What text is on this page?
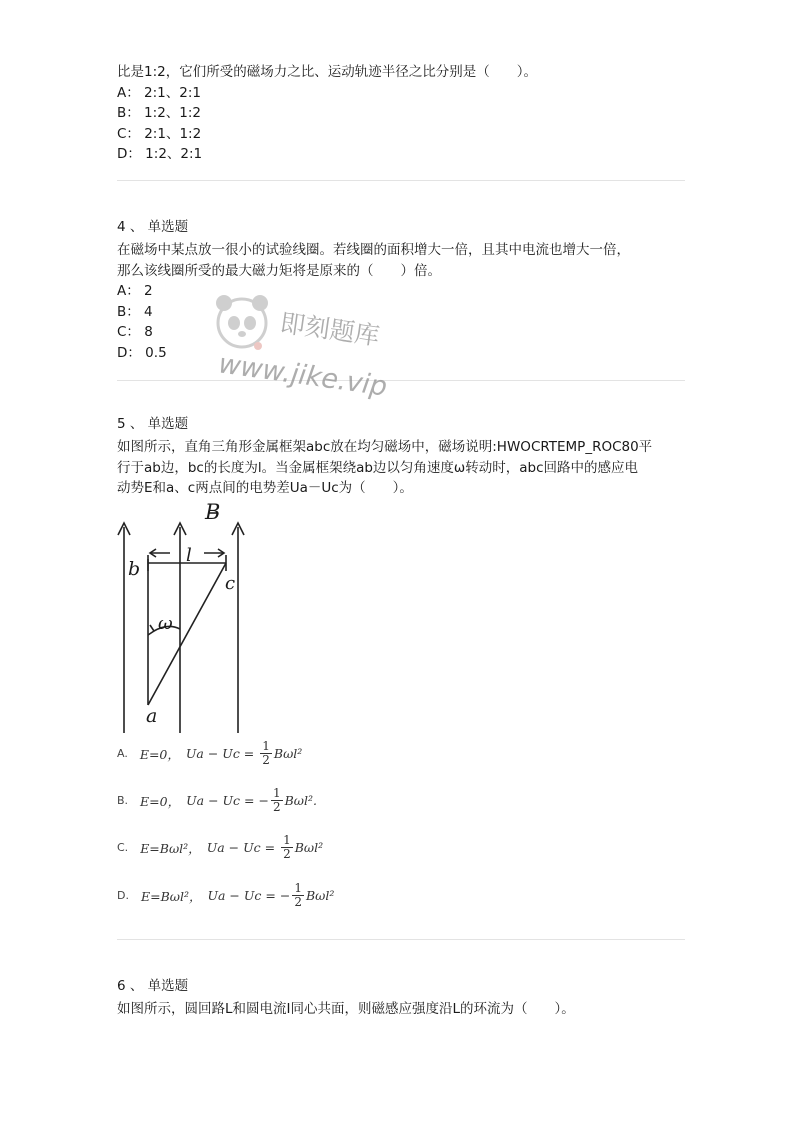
比是1:2，它们所受的磁场力之比、运动轨迹半径之比分别是（　　）。
A： 2:1、2:1
B： 1:2、1:2
C： 2:1、1:2
D： 1:2、2:1
4 、 单选题
在磁场中某点放一很小的试验线圈。若线圈的面积增大一倍，且其中电流也增大一倍，
那么该线圈所受的最大磁力矩将是原来的（　　）倍。
A： 2
B： 4
C： 8
D： 0.5
即刻题库
www.jike.vip
5 、 单选题
如图所示，直角三角形金属框架abc放在均匀磁场中，磁场说明:HWOCRTEMP_ROC80平
行于ab边，bc的长度为l。当金属框架绕ab边以匀角速度ω转动时，abc回路中的感应电
动势E和a、c两点间的电势差Ua－Uc为（　　）。
B
b
l
c
ω
a
A. E=0， $Ua - Uc = \frac{1}{2} B\omega l^2$
B. E=0， Ua − Uc = − $\frac{1}{2} B\omega l^2$.
C. E=Bωl²， $Ua - Uc = \frac{1}{2} B\omega l^2$
D. E=Bωl²， Ua − Uc = − $\frac{1}{2} B\omega l^2$
6 、 单选题
如图所示，圆回路L和圆电流I同心共面，则磁感应强度沿L的环流为（　　）。
